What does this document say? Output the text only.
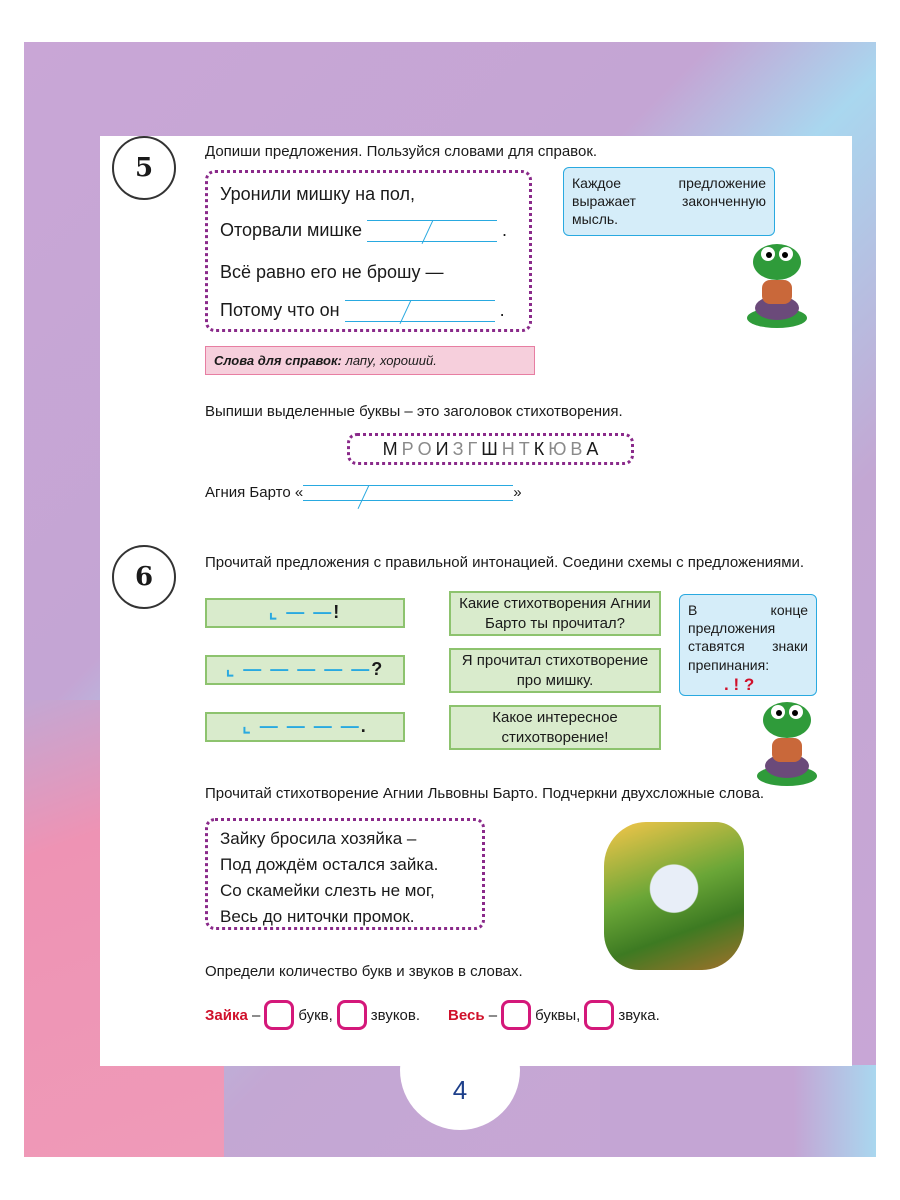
4
5
Допиши предложения. Пользуйся словами для справок.
Уронили мишку на пол,
Оторвали мишке	.
Всё равно его не брошу —
Потому что он	.
Каждое предложение выражает законченную мысль.
Слова для справок: лапу, хороший.
Выпиши выделенные буквы – это заголовок стихотворения.
М Р О И З Г Ш Н Т К Ю В А
Агния Барто «	»
6	Прочитай предложения с правильной интонацией. Соедини схемы с предложениями.
⌞ — — !
⌞ — — — — — ?
⌞ — — — — .
Какие стихотворения Агнии Барто ты прочитал?
Я прочитал стихотворение про мишку.
Какое интересное стихотворение!
В конце предложения ставятся знаки препинания:
. ! ?
Прочитай стихотворение Агнии Львовны Барто. Подчеркни двухсложные слова.
Зайку бросила хозяйка –
Под дождём остался зайка.
Со скамейки слезть не мог,
Весь до ниточки промок.
Определи количество букв и звуков в словах.
Зайка
–	букв,	звуков. Весь
–	буквы,	звука.
